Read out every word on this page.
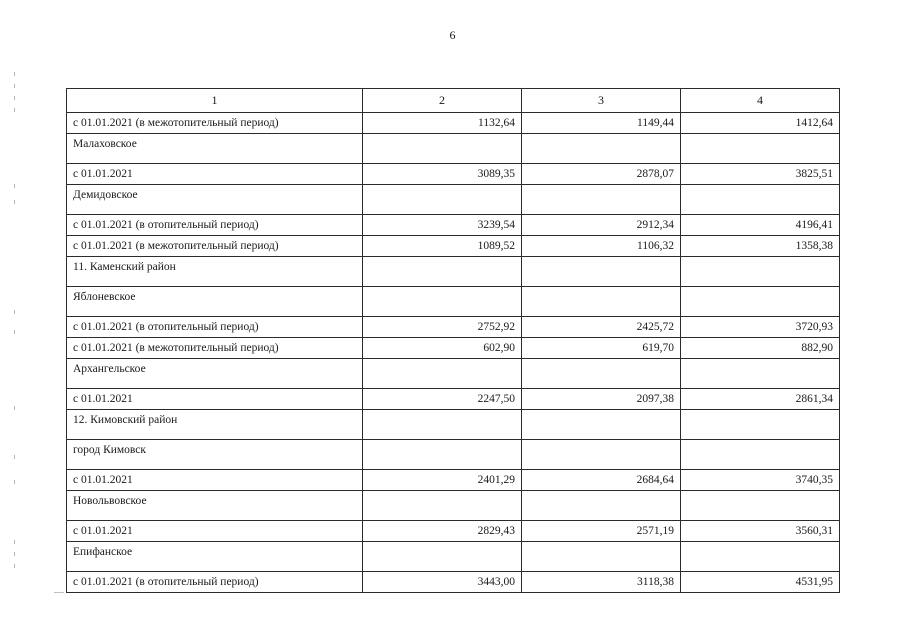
6
1	2	3	4
с 01.01.2021 (в межотопительный период)	1132,64	1149,44	1412,64
Малаховское			
с 01.01.2021	3089,35	2878,07	3825,51
Демидовское			
с 01.01.2021 (в отопительный период)	3239,54	2912,34	4196,41
с 01.01.2021 (в межотопительный период)	1089,52	1106,32	1358,38
11. Каменский район			
Яблоневское			
с 01.01.2021 (в отопительный период)	2752,92	2425,72	3720,93
с 01.01.2021 (в межотопительный период)	602,90	619,70	882,90
Архангельское			
с 01.01.2021	2247,50	2097,38	2861,34
12. Кимовский район			
город Кимовск			
с 01.01.2021	2401,29	2684,64	3740,35
Новольвовское			
с 01.01.2021	2829,43	2571,19	3560,31
Епифанское			
с 01.01.2021 (в отопительный период)	3443,00	3118,38	4531,95
